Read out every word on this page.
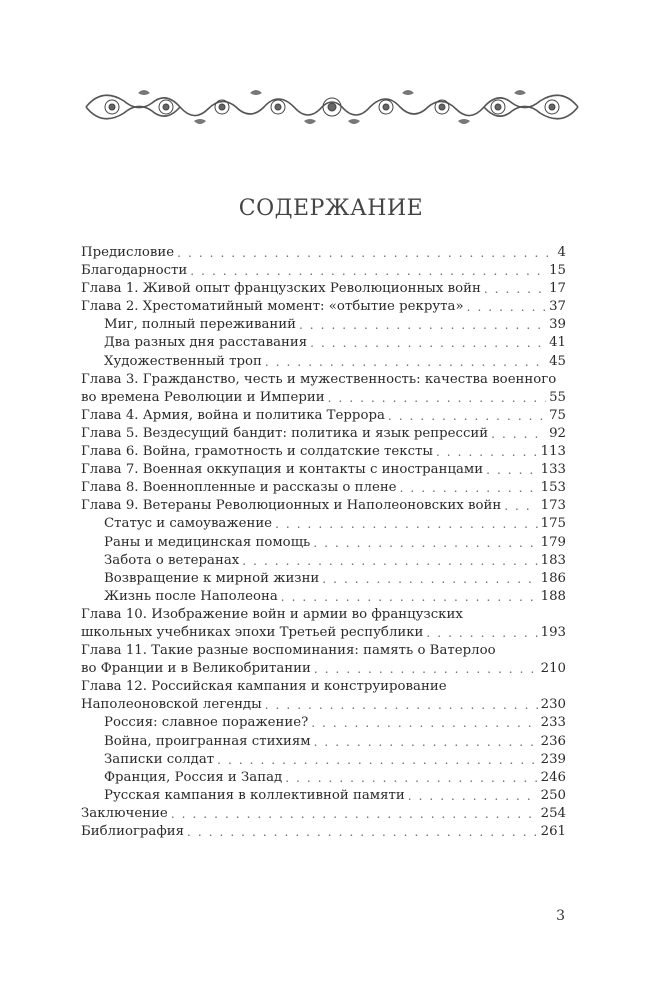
СОДЕРЖАНИЕ
Предисловие . . .	4
Благодарности . . .	15
Глава 1. Живой опыт французских Революционных войн . . .	17
Глава 2. Хрестоматийный момент: «отбытие рекрута» . . .	37
Миг, полный переживаний . . .	39
Два разных дня расставания . . .	41
Художественный троп . . .	45
Глава 3. Гражданство, честь и мужественность: качества военного
во времена Революции и Империи . . .	55
Глава 4. Армия, война и политика Террора . . .	75
Глава 5. Вездесущий бандит: политика и язык репрессий . . .	92
Глава 6. Война, грамотность и солдатские тексты . . .	113
Глава 7. Военная оккупация и контакты с иностранцами . . .	133
Глава 8. Военнопленные и рассказы о плене . . .	153
Глава 9. Ветераны Революционных и Наполеоновских войн . . .	173
Статус и самоуважение . . .	175
Раны и медицинская помощь . . .	179
Забота о ветеранах . . .	183
Возвращение к мирной жизни . . .	186
Жизнь после Наполеона . . .	188
Глава 10. Изображение войн и армии во французских
школьных учебниках эпохи Третьей республики . . .	193
Глава 11. Такие разные воспоминания: память о Ватерлоо
во Франции и в Великобритании . . .	210
Глава 12. Российская кампания и конструирование
Наполеоновской легенды . . .	230
Россия: славное поражение? . . .	233
Война, проигранная стихиям . . .	236
Записки солдат . . .	239
Франция, Россия и Запад . . .	246
Русская кампания в коллективной памяти . . .	250
Заключение . . .	254
Библиография . . .	261
3
